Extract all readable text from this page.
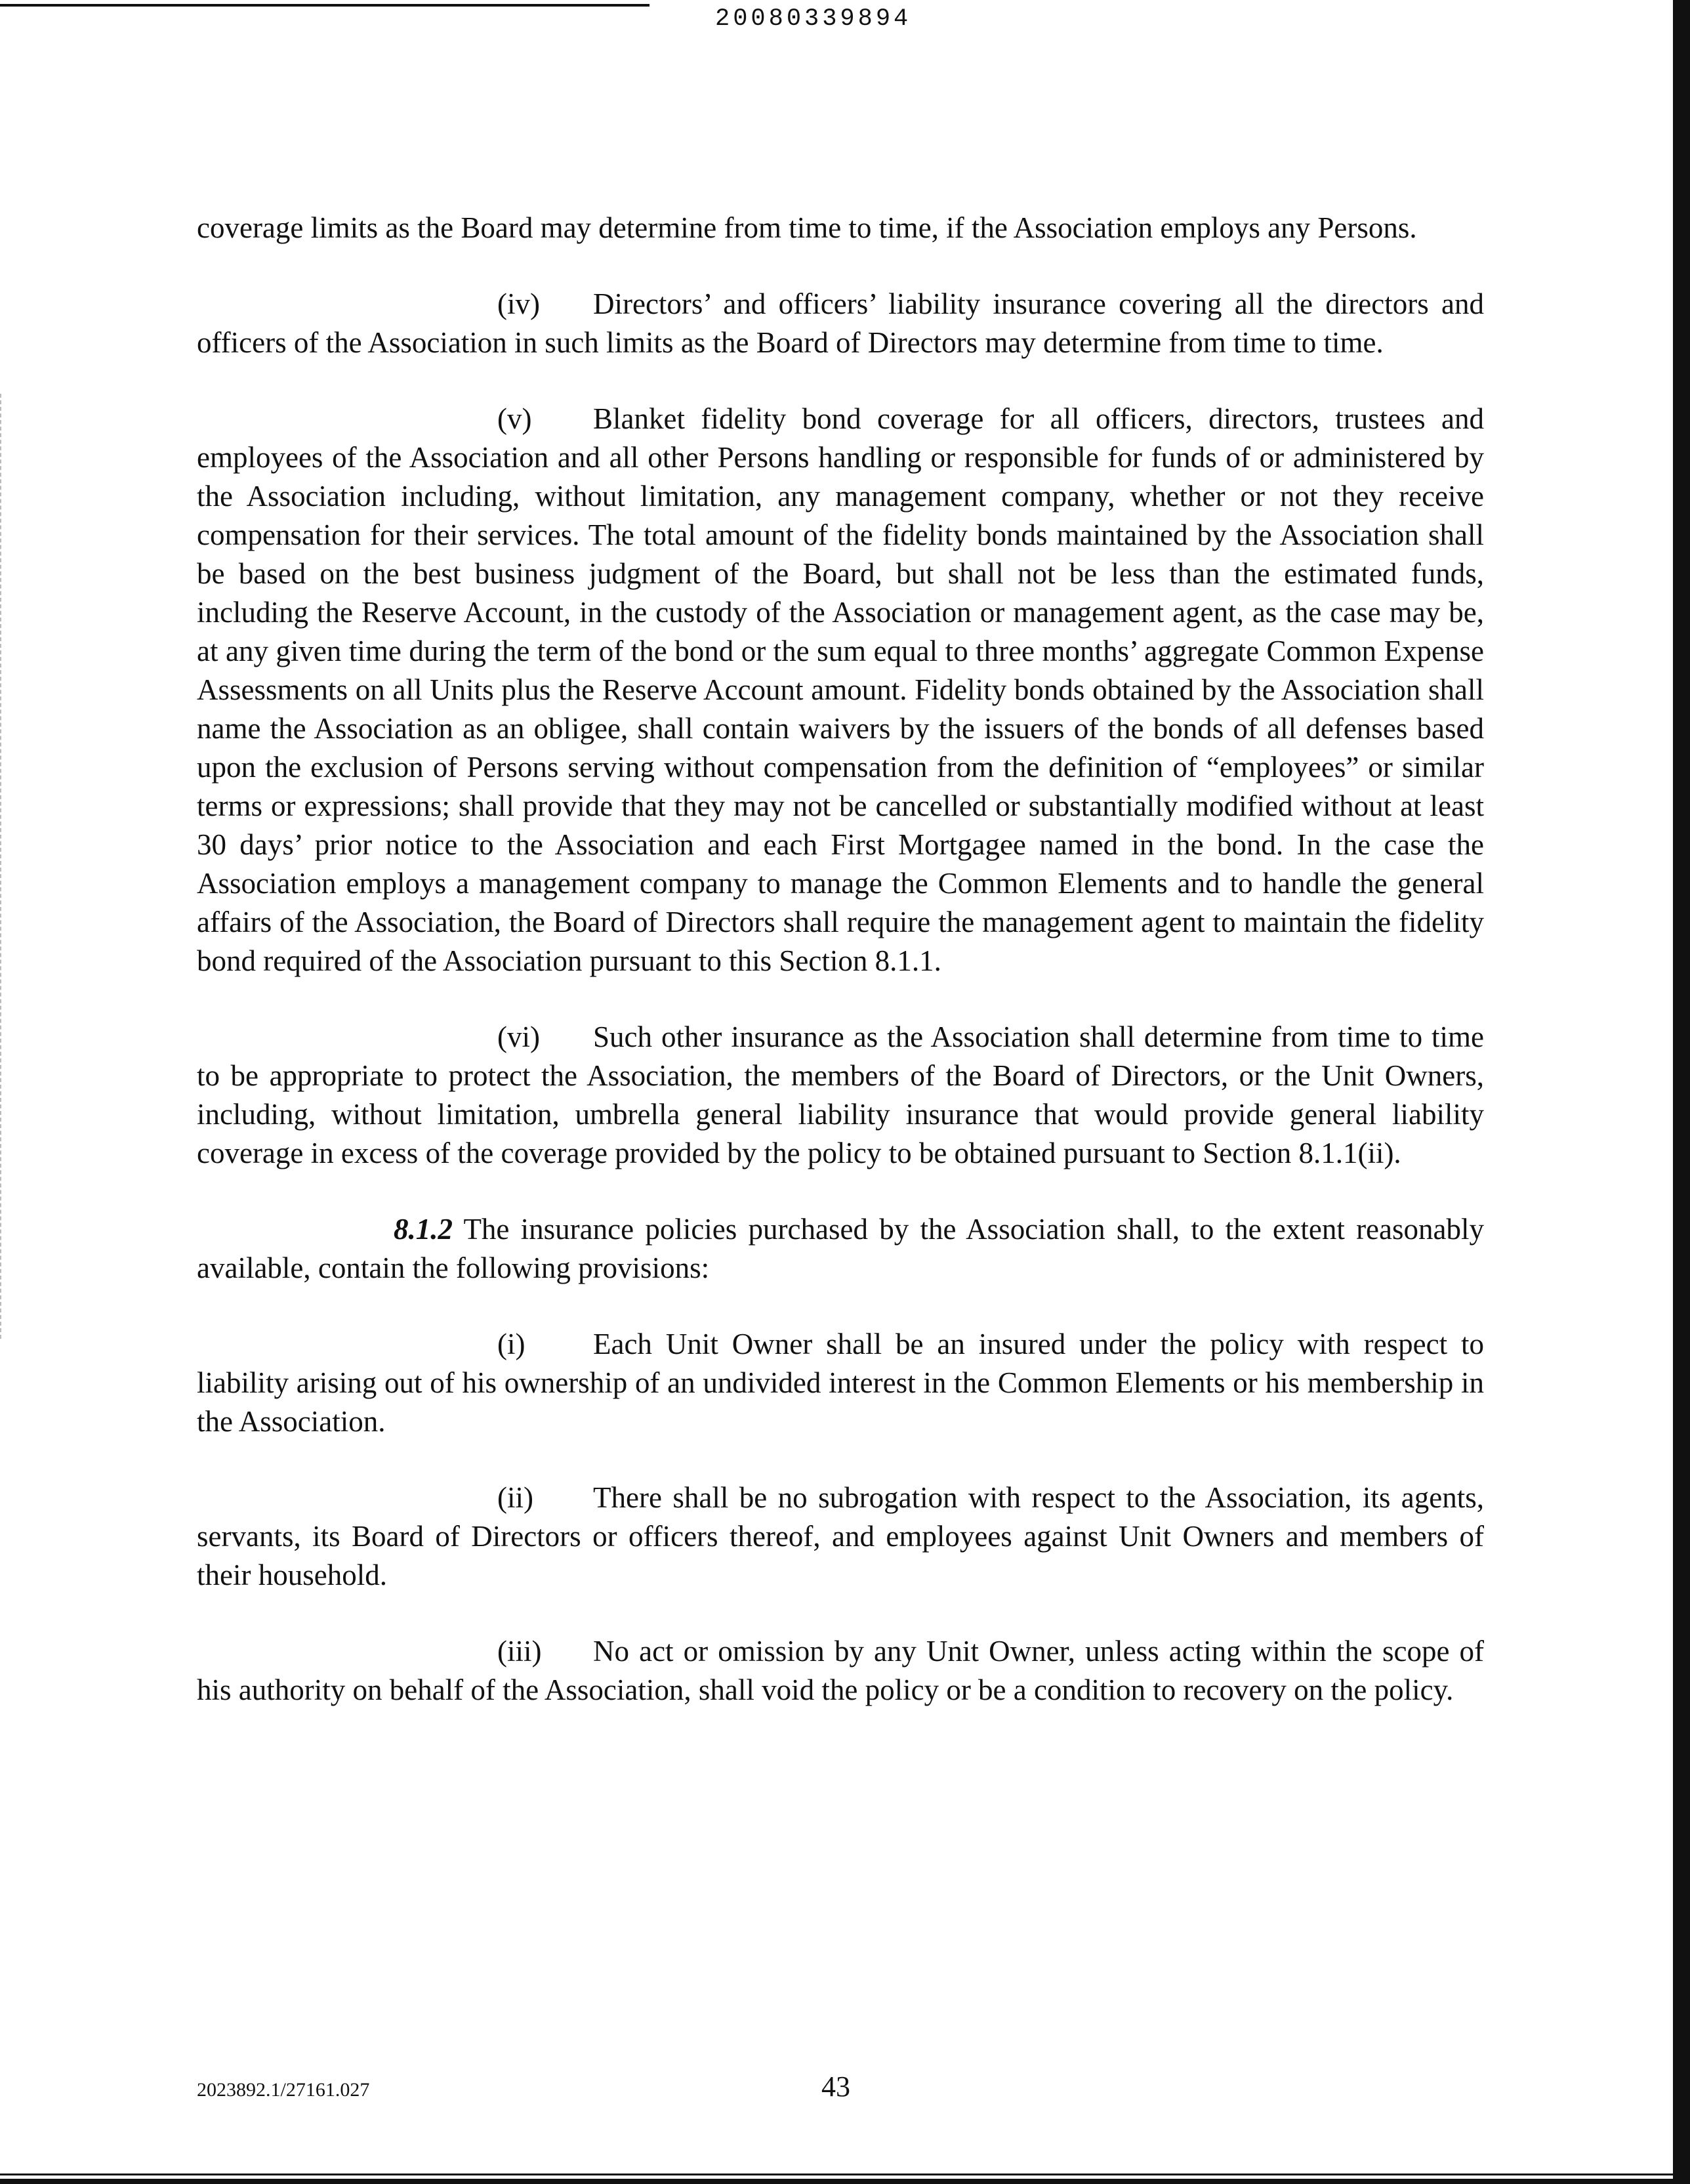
20080339894

coverage limits as the Board may determine from time to time, if the Association employs any Persons.

(iv) Directors’ and officers’ liability insurance covering all the directors and officers of the Association in such limits as the Board of Directors may determine from time to time.

(v) Blanket fidelity bond coverage for all officers, directors, trustees and employees of the Association and all other Persons handling or responsible for funds of or administered by the Association including, without limitation, any management company, whether or not they receive compensation for their services. The total amount of the fidelity bonds maintained by the Association shall be based on the best business judgment of the Board, but shall not be less than the estimated funds, including the Reserve Account, in the custody of the Association or management agent, as the case may be, at any given time during the term of the bond or the sum equal to three months’ aggregate Common Expense Assessments on all Units plus the Reserve Account amount. Fidelity bonds obtained by the Association shall name the Association as an obligee, shall contain waivers by the issuers of the bonds of all defenses based upon the exclusion of Persons serving without compensation from the definition of “employees” or similar terms or expressions; shall provide that they may not be cancelled or substantially modified without at least 30 days’ prior notice to the Association and each First Mortgagee named in the bond. In the case the Association employs a management company to manage the Common Elements and to handle the general affairs of the Association, the Board of Directors shall require the management agent to maintain the fidelity bond required of the Association pursuant to this Section 8.1.1.

(vi) Such other insurance as the Association shall determine from time to time to be appropriate to protect the Association, the members of the Board of Directors, or the Unit Owners, including, without limitation, umbrella general liability insurance that would provide general liability coverage in excess of the coverage provided by the policy to be obtained pursuant to Section 8.1.1(ii).

8.1.2 The insurance policies purchased by the Association shall, to the extent reasonably available, contain the following provisions:

(i) Each Unit Owner shall be an insured under the policy with respect to liability arising out of his ownership of an undivided interest in the Common Elements or his membership in the Association.

(ii) There shall be no subrogation with respect to the Association, its agents, servants, its Board of Directors or officers thereof, and employees against Unit Owners and members of their household.

(iii) No act or omission by any Unit Owner, unless acting within the scope of his authority on behalf of the Association, shall void the policy or be a condition to recovery on the policy.

2023892.1/27161.027	43
